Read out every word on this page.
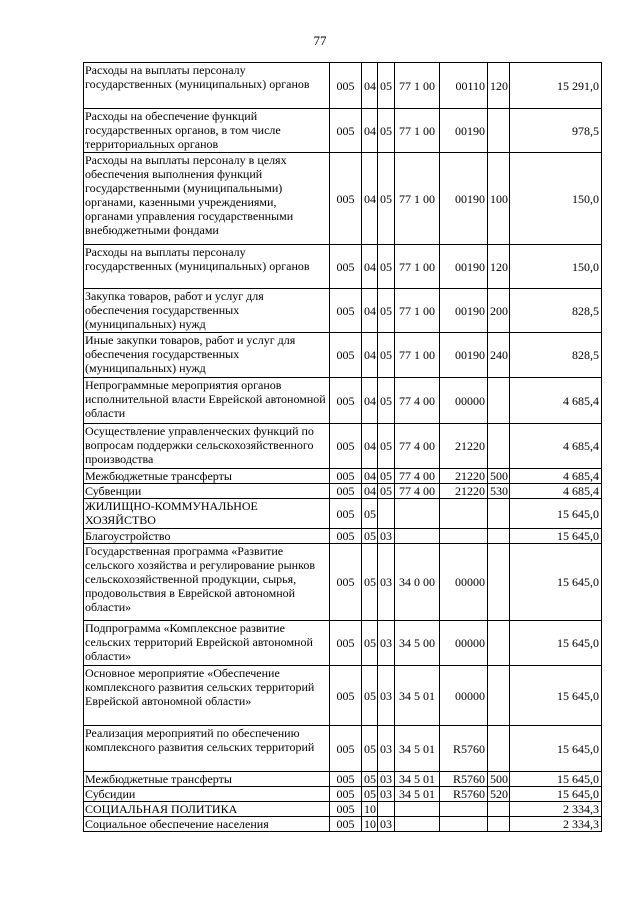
77
Расходы на выплаты персоналу государственных (муниципальных) органов	005	04	05	77 1 00	00110	120	15 291,0
Расходы на обеспечение функций государственных органов, в том числе территориальных органов	005	04	05	77 1 00	00190		978,5
Расходы на выплаты персоналу в целях обеспечения выполнения функций государственными (муниципальными) органами, казенными учреждениями, органами управления государственными внебюджетными фондами	005	04	05	77 1 00	00190	100	150,0
Расходы на выплаты персоналу государственных (муниципальных) органов	005	04	05	77 1 00	00190	120	150,0
Закупка товаров, работ и услуг для обеспечения государственных (муниципальных) нужд	005	04	05	77 1 00	00190	200	828,5
Иные закупки товаров, работ и услуг для обеспечения государственных (муниципальных) нужд	005	04	05	77 1 00	00190	240	828,5
Непрограммные мероприятия органов исполнительной власти Еврейской автономной области	005	04	05	77 4 00	00000		4 685,4
Осуществление управленческих функций по вопросам поддержки сельскохозяйственного производства	005	04	05	77 4 00	21220		4 685,4
Межбюджетные трансферты	005	04	05	77 4 00	21220	500	4 685,4
Субвенции	005	04	05	77 4 00	21220	530	4 685,4
ЖИЛИЩНО-КОММУНАЛЬНОЕ ХОЗЯЙСТВО	005	05					15 645,0
Благоустройство	005	05	03				15 645,0
Государственная программа «Развитие сельского хозяйства и регулирование рынков сельскохозяйственной продукции, сырья, продовольствия в Еврейской автономной области»	005	05	03	34 0 00	00000		15 645,0
Подпрограмма «Комплексное развитие сельских территорий Еврейской автономной области»	005	05	03	34 5 00	00000		15 645,0
Основное мероприятие «Обеспечение комплексного развития сельских территорий Еврейской автономной области»	005	05	03	34 5 01	00000		15 645,0
Реализация мероприятий по обеспечению комплексного развития сельских территорий	005	05	03	34 5 01	R5760		15 645,0
Межбюджетные трансферты	005	05	03	34 5 01	R5760	500	15 645,0
Субсидии	005	05	03	34 5 01	R5760	520	15 645,0
СОЦИАЛЬНАЯ ПОЛИТИКА	005	10					2 334,3
Социальное обеспечение населения	005	10	03				2 334,3
